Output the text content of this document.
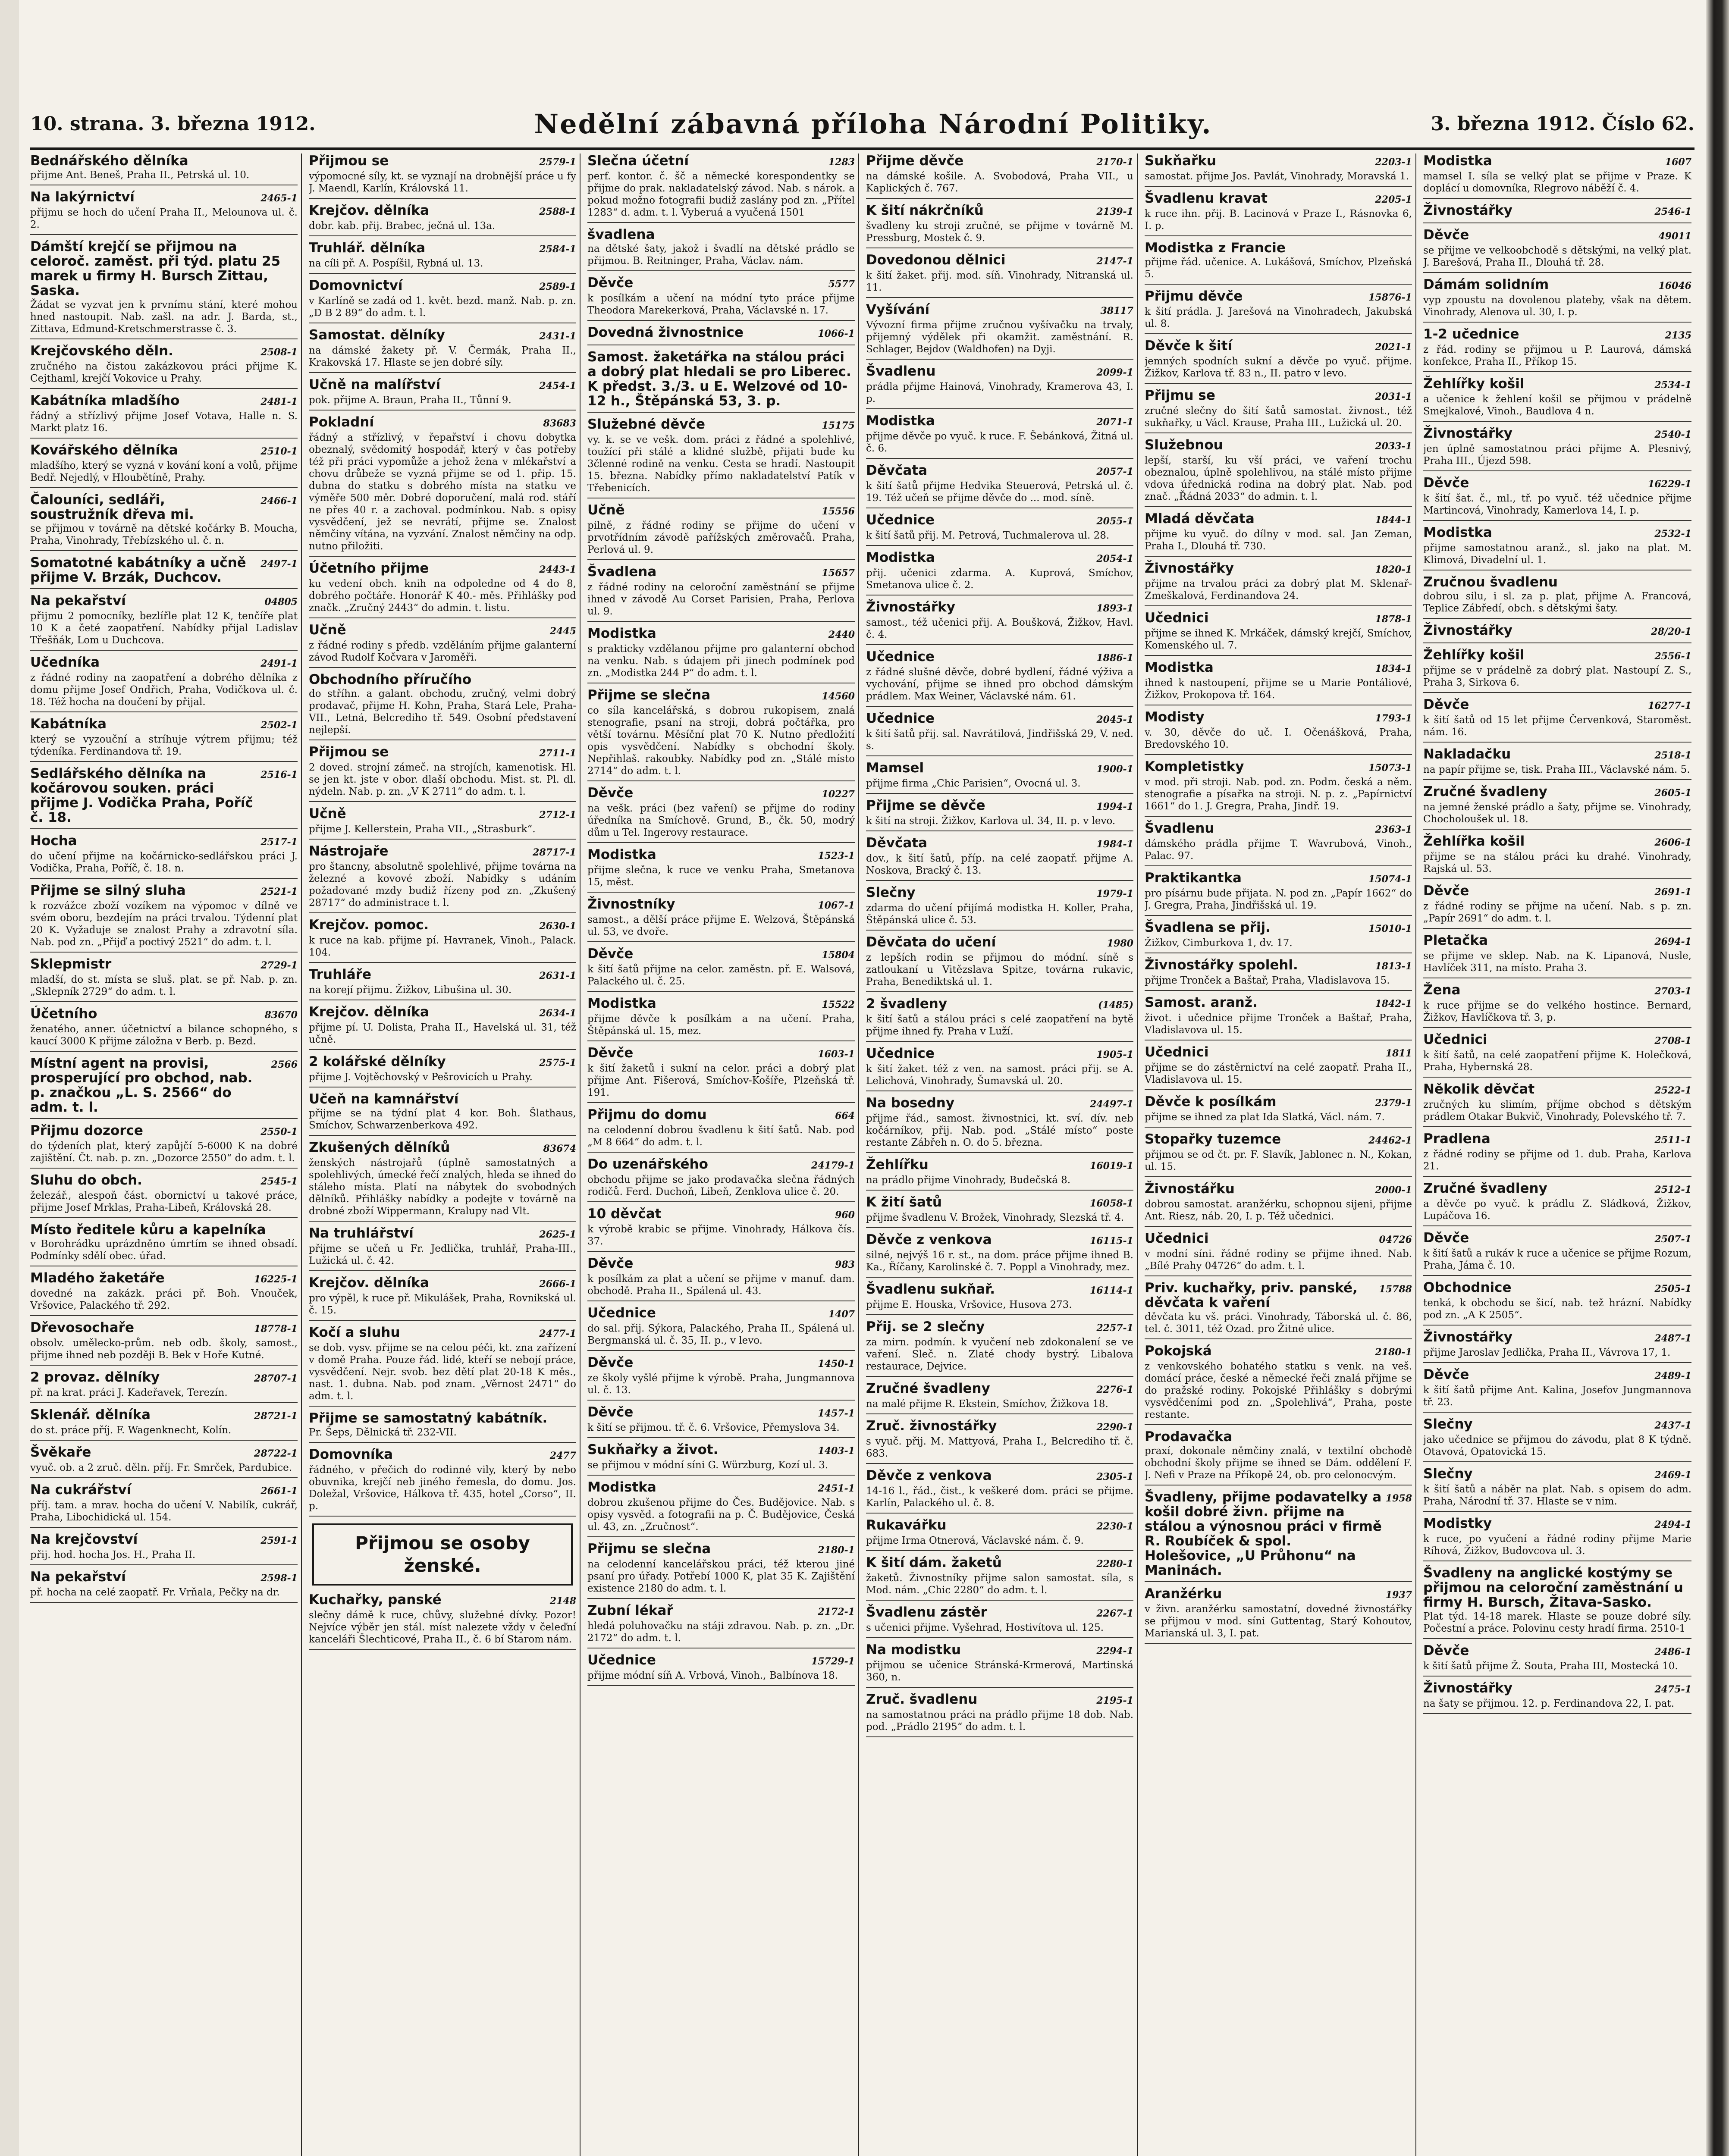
10. strana. 3. března 1912.	Nedělní zábavná příloha Národní Politiky.	3. března 1912. Číslo 62.
Bednářského dělníka
přijme Ant. Beneš, Praha II., Petrská ul. 10.
Na lakýrnictví	2465-1
přijmu se hoch do učení Praha II., Melounova ul. č. 2.
Dámští krejčí se přijmou na celoroč. zaměst. při týd. platu 25 marek u firmy H. Bursch Zittau, Saska.
Žádat se vyzvat jen k prvnímu stání, které mohou hned nastoupit. Nab. zašl. na adr. J. Barda, st., Zittava, Edmund-Kretschmerstrasse č. 3.
Krejčovského děln.	2508-1
zručného na čistou zakázkovou práci přijme K. Cejthaml, krejčí Vokovice u Prahy.
Kabátníka mladšího	2481-1
řádný a střízlivý přijme Josef Votava, Halle n. S. Markt platz 16.
Kovářského dělníka	2510-1
mladšího, který se vyzná v kování koní a volů, přijme Bedř. Nejedlý, v Hloubětíně, Prahy.
Čalouníci, sedláři, soustružník dřeva mi.
2466-1
se přijmou v továrně na dětské kočárky B. Moucha, Praha, Vinohrady, Třebízského ul. č. n.
Somatotné kabátníky a učně přijme V. Brzák, Duchcov.
2497-1
Na pekařství	04805
přijmu 2 pomocníky, bezlířle plat 12 K, tenčíře plat 10 K a četé zaopatření. Nabídky přijal Ladislav Třešňák, Lom u Duchcova.
Učedníka	2491-1
z řádné rodiny na zaopatření a dobrého dělníka z domu přijme Josef Ondřich, Praha, Vodičkova ul. č. 18. Též hocha na doučení by přijal.
Kabátníka	2502-1
který se vyzouční a stríhuje výtrem přijmu; též týdeníka. Ferdinandova tř. 19.
Sedlářského dělníka na kočárovou souken. práci přijme J. Vodička Praha, Poříč č. 18.
2516-1
Hocha	2517-1
do učení přijme na kočárnicko-sedlářskou práci J. Vodička, Praha, Poříč, č. 18. n.
Přijme se silný sluha	2521-1
k rozvážce zboží vozíkem na výpomoc v dílně ve svém oboru, bezdejím na práci trvalou. Týdenní plat 20 K. Vyžaduje se znalost Prahy a zdravotní síla. Nab. pod zn. „Přijď a poctivý 2521“ do adm. t. l.
Sklepmistr	2729-1
mladší, do st. místa se sluš. plat. se př. Nab. p. zn. „Sklepník 2729“ do adm. t. l.
Účetního	83670
ženatého, anner. účetnictví a bilance schopného, s kaucí 3000 K přijme záložna v Berb. p. Bezd.
Místní agent na provisi, prosperující pro obchod, nab. p. značkou „L. S. 2566“ do adm. t. l.
2566
Přijmu dozorce	2550-1
do týdeních plat, který zapůjčí 5-6000 K na dobré zajištění. Čt. nab. p. zn. „Dozorce 2550“ do adm. t. l.
Sluhu do obch.	2545-1
železář., alespoň část. obornictví u takové práce, přijme Josef Mrklas, Praha-Libeň, Královská 28.
Místo ředitele kůru a kapelníka
v Borohrádku uprázdněno úmrtím se ihned obsadí. Podmínky sdělí obec. úřad.
Mladého žaketáře	16225-1
dovedné na zakázk. práci př. Boh. Vnouček, Vršovice, Palackého tř. 292.
Dřevosochaře	18778-1
obsolv. umělecko-prům. neb odb. školy, samost., přijme ihned neb později B. Bek v Hoře Kutné.
2 provaz. dělníky	28707-1
př. na krat. práci J. Kadeřavek, Terezín.
Sklenář. dělníka	28721-1
do st. práce příj. F. Wagenknecht, Kolín.
Švěkaře	28722-1
vyuč. ob. a 2 zruč. děln. příj. Fr. Smrček, Pardubice.
Na cukrářství	2661-1
příj. tam. a mrav. hocha do učení V. Nabilík, cukrář, Praha, Libochidická ul. 154.
Na krejčovství	2591-1
přij. hod. hocha Jos. H., Praha II.
Na pekařství	2598-1
př. hocha na celé zaopatř. Fr. Vrňala, Pečky na dr.
Přijmou se	2579-1
výpomocné síly, kt. se vyznají na drobnější práce u fy J. Maendl, Karlín, Královská 11.
Krejčov. dělníka	2588-1
dobr. kab. přij. Brabec, ječná ul. 13a.
Truhlář. dělníka	2584-1
na cíli př. A. Pospíšil, Rybná ul. 13.
Domovnictví	2589-1
v Karlíně se zadá od 1. květ. bezd. manž. Nab. p. zn. „D B 2 89“ do adm. t. l.
Samostat. dělníky	2431-1
na dámské žakety př. V. Čermák, Praha II., Krakovská 17. Hlaste se jen dobré síly.
Učně na malířství	2454-1
pok. přijme A. Braun, Praha II., Tůnní 9.
Pokladní	83683
řádný a střízlivý, v řepařství i chovu dobytka obeznalý, svědomitý hospodář, který v čas potřeby též při práci vypomůže a jehož žena v mlékařství a chovu drůbeže se vyzná přijme se od 1. přip. 15. dubna do statku s dobrého místa na statku ve výměře 500 měr. Dobré doporučení, malá rod. stáří ne přes 40 r. a zachoval. podmínkou. Nab. s opisy vysvědčení, jež se nevrátí, přijme se. Znalost němčiny vítána, na vyzvání. Znalost němčiny na odp. nutno přiložiti.
Účetního přijme	2443-1
ku vedení obch. knih na odpoledne od 4 do 8, dobrého počtáře. Honorář K 40.- měs. Přihlášky pod značk. „Zručný 2443“ do admin. t. listu.
Učně	2445
z řádné rodiny s předb. vzděláním přijme galanterní závod Rudolf Kočvara v Jaroměři.
Obchodního příručího
do stříhn. a galant. obchodu, zručný, velmi dobrý prodavač, přijme H. Kohn, Praha, Stará Lele, Praha-VII., Letná, Belcrediho tř. 549. Osobní představení nejlepší.
Přijmou se	2711-1
2 doved. strojní zámeč. na strojích, kamenotisk. Hl. se jen kt. jste v obor. dlaší obchodu. Mist. st. Pl. dl. nýdeln. Nab. p. zn. „V K 2711“ do adm. t. l.
Učně	2712-1
přijme J. Kellerstein, Praha VII., „Strasburk“.
Nástrojaře	28717-1
pro štancny, absolutně spolehlivé, přijme továrna na železné a kovové zboží. Nabídky s udáním požadované mzdy budiž řízeny pod zn. „Zkušený 28717“ do administrace t. l.
Krejčov. pomoc.	2630-1
k ruce na kab. přijme pí. Havranek, Vinoh., Palack. 104.
Truhláře	2631-1
na korejí přijmu. Žižkov, Libušina ul. 30.
Krejčov. dělníka	2634-1
přijme pí. U. Dolista, Praha II., Havelská ul. 31, též učně.
2 kolářské dělníky	2575-1
přijme J. Vojtěchovský v Pešrovicích u Prahy.
Učeň na kamnářství
přijme se na týdní plat 4 kor. Boh. Šlathaus, Smíchov, Schwarzenberkova 492.
Zkušených dělníků	83674
ženských nástrojařů (úplně samostatných a spolehlivých, úmecké řečí znalých, hleda se ihned do stáleho místa. Platí na nábytek do svobodných dělníků. Přihlášky nabídky a podejte v továrně na drobné zboží Wippermann, Kralupy nad Vlt.
Na truhlářství	2625-1
přijme se učeň u Fr. Jedlička, truhlář, Praha-III., Lužická ul. č. 42.
Krejčov. dělníka	2666-1
pro výpěl, k ruce př. Mikulášek, Praha, Rovnikská ul. č. 15.
Kočí a sluhu	2477-1
se dob. vysv. přijme se na celou péči, kt. zna zařízení v domě Praha. Pouze řád. lidé, kteří se nebojí práce, vysvědčení. Nejr. svob. bez dětí plat 20-18 K měs., nast. 1. dubna. Nab. pod znam. „Věrnost 2471“ do adm. t. l.
Přijme se samostatný kabátník.
Pr. Šeps, Dělnická tř. 232-VII.
Domovníka	2477
řádného, v přečich do rodinné vily, který by nebo obuvnika, krejčí neb jiného řemesla, do domu. Jos. Doležal, Vršovice, Hálkova tř. 435, hotel „Corso“, II. p.
Přijmou se osoby ženské.
Kuchařky, panské	2148
slečny dámě k ruce, chůvy, služebné dívky. Pozor! Nejvíce výběr jen stál. míst nalezete vždy v čeleďní kanceláři Šlechticové, Praha II., č. 6 bí Starom nám.
Slečna účetní	1283
perf. kontor. č. šč a německé korespondentky se přijme do prak. nakladatelský závod. Nab. s nárok. a pokud možno fotografii budiž zaslány pod zn. „Přítel 1283“ d. adm. t. l. Vyberuá a vyučená 1501
švadlena
na dětské šaty, jakož i švadlí na dětské prádlo se přijmou. B. Reitninger, Praha, Václav. nám.
Děvče	5577
k posílkám a učení na módní tyto práce přijme Theodora Marekerková, Praha, Václavské n. 17.
Dovedná živnostnice	1066-1
Samost. žaketářka na stálou práci a dobrý plat hledali se pro Liberec. K předst. 3./3. u E. Welzové od 10-12 h., Štěpánská 53, 3. p.
Služebné děvče	15175
vy. k. se ve vešk. dom. práci z řádné a spolehlivé, toužící při stálé a klidné službě, přijati bude ku 3členné rodině na venku. Cesta se hradí. Nastoupit 15. března. Nabídky přímo nakladatelství Patík v Třebenicích.
Učně	15556
pilně, z řádné rodiny se přijme do učení v prvotřídním závodě pařížských změrovačů. Praha, Perlová ul. 9.
Švadlena	15657
z řádné rodiny na celoroční zaměstnání se přijme ihned v závodě Au Corset Parisien, Praha, Perlova ul. 9.
Modistka	2440
s prakticky vzdělanou přijme pro galanterní obchod na venku. Nab. s údajem při jinech podmínek pod zn. „Modistka 244 P“ do adm. t. l.
Přijme se slečna	14560
co síla kancelářská, s dobrou rukopisem, znalá stenografie, psaní na stroji, dobrá počtářka, pro větší továrnu. Měsíční plat 70 K. Nutno předložití opis vysvědčení. Nabídky s obchodní školy. Nepřihlaš. rakoubky. Nabídky pod zn. „Stálé místo 2714“ do adm. t. l.
Děvče	10227
na vešk. práci (bez vaření) se přijme do rodiny úředníka na Smíchově. Grund, B., čk. 50, modrý dům u Tel. Ingerovy restaurace.
Modistka	1523-1
přijme slečna, k ruce ve venku Praha, Smetanova 15, měst.
Živnostníky	1067-1
samost., a dělší práce přijme E. Welzová, Štěpánská ul. 53, ve dvoře.
Děvče	15804
k šití šatů přijme na celor. zaměstn. př. E. Walsová, Palackého ul. č. 25.
Modistka	15522
přijme děvče k posílkám a na učení. Praha, Štěpánská ul. 15, mez.
Děvče	1603-1
k šití žaketů i sukní na celor. práci a dobrý plat přijme Ant. Fišerová, Smíchov-Košíře, Plzeňská tř. 191.
Přijmu do domu	664
na celodenní dobrou švadlenu k šití šatů. Nab. pod „M 8 664“ do adm. t. l.
Do uzenářského	24179-1
obchodu přijme se jako prodavačka slečna řádných rodičů. Ferd. Duchoň, Libeň, Zenklova ulice č. 20.
10 děvčat	960
k výrobě krabic se přijme. Vinohrady, Hálkova čís. 37.
Děvče	983
k posílkám za plat a učení se přijme v manuf. dam. obchodě. Praha II., Spálená ul. 43.
Učednice	1407
do sal. přij. Sýkora, Palackého, Praha II., Spálená ul. Bergmanská ul. č. 35, II. p., v levo.
Děvče	1450-1
ze školy vyšlé přijme k výrobě. Praha, Jungmannova ul. č. 13.
Děvče	1457-1
k šití se přijmou. tř. č. 6. Vršovice, Přemyslova 34.
Sukňařky a život.	1403-1
se přijmou v módní síni G. Würzburg, Kozí ul. 3.
Modistka	2451-1
dobrou zkušenou přijme do Čes. Budějovice. Nab. s opisy vysvěd. a fotografii na p. Č. Budějovice, Česká ul. 43, zn. „Zručnost“.
Přijmu se slečna	2180-1
na celodenní kancelářskou práci, též kterou jiné psaní pro úřady. Potřebí 1000 K, plat 35 K. Zajištění existence 2180 do adm. t. l.
Zubní lékař	2172-1
hledá poluhovačku na stáji zdravou. Nab. p. zn. „Dr. 2172“ do adm. t. l.
Učednice	15729-1
přijme módní síň A. Vrbová, Vinoh., Balbínova 18.
Přijme děvče	2170-1
na dámské košile. A. Svobodová, Praha VII., u Kaplických č. 767.
K šití nákrčníků	2139-1
švadleny ku stroji zručné, se přijme v továrně M. Pressburg, Mostek č. 9.
Dovedonou dělnici	2147-1
k šití žaket. přij. mod. síň. Vinohrady, Nitranská ul. 11.
Vyšívání	38117
Vývozní firma přijme zručnou vyšívačku na trvaly, přijemný výdělek při okamžit. zaměstnání. R. Schlager, Bejdov (Waldhofen) na Dyji.
Švadlenu	2099-1
prádla přijme Hainová, Vinohrady, Kramerova 43, I. p.
Modistka	2071-1
přijme děvče po vyuč. k ruce. F. Šebánková, Žitná ul. č. 6.
Děvčata	2057-1
k šití šatů přijme Hedvika Steuerová, Petrská ul. č. 19. Též učeň se přijme děvče do ... mod. síně.
Učednice	2055-1
k šití šatů přij. M. Petrová, Tuchmalerova ul. 28.
Modistka	2054-1
přij. učenici zdarma. A. Kuprová, Smíchov, Smetanova ulice č. 2.
Živnostářky	1893-1
samost., též učenici přij. A. Boušková, Žižkov, Havl. č. 4.
Učednice	1886-1
z řádné slušné děvče, dobré bydlení, řádné výživa a vychování, přijme se ihned pro obchod dámským prádlem. Max Weiner, Václavské nám. 61.
Učednice	2045-1
k šití šatů přij. sal. Navrátilová, Jindřišská 29, V. ned. s.
Mamsel	1900-1
přijme firma „Chic Parisien“, Ovocná ul. 3.
Přijme se děvče	1994-1
k šití na stroji. Žižkov, Karlova ul. 34, II. p. v levo.
Děvčata	1984-1
dov., k šití šatů, příp. na celé zaopatř. přijme A. Noskova, Bracký č. 13.
Slečny	1979-1
zdarma do učení přijímá modistka H. Koller, Praha, Štěpánská ulice č. 53.
Děvčata do učení	1980
z lepších rodin se přijmou do módní. síně s zatloukaní u Vitězslava Spitze, továrna rukavic, Praha, Benediktská ul. 1.
2 švadleny	(1485)
k šití šatů a stálou práci s celé zaopatření na bytě přijme ihned fy. Praha v Luží.
Učednice	1905-1
k šití žaket. též z ven. na samost. práci přij. se A. Lelichová, Vinohrady, Šumavská ul. 20.
Na bosedny	24497-1
přijme řád., samost. živnostnici, kt. sví. dív. neb kočárníkov, přij. Nab. pod. „Stálé místo“ poste restante Zábřeh n. O. do 5. března.
Žehlířku	16019-1
na prádlo přijme Vinohrady, Budečská 8.
K žití šatů	16058-1
přijme švadlenu V. Brožek, Vinohrady, Slezská tř. 4.
Děvče z venkova	16115-1
silné, nejvýš 16 r. st., na dom. práce přijme ihned B. Ka., Říčany, Karolinské č. 7. Poppl a Vinohrady, mez.
Švadlenu sukňař.	16114-1
přijme E. Houska, Vršovice, Husova 273.
Přij. se 2 slečny	2257-1
za mirn. podmín. k vyučení neb zdokonalení se ve vaření. Sleč. n. Zlaté chody bystrý. Libalova restaurace, Dejvice.
Zručné švadleny	2276-1
na malé přijme R. Ekstein, Smíchov, Žižkova 18.
Zruč. živnostářky	2290-1
s vyuč. přij. M. Mattyová, Praha I., Belcrediho tř. č. 683.
Děvče z venkova	2305-1
14-16 l., řád., čist., k veškeré dom. práci se přijme. Karlín, Palackého ul. č. 8.
Rukavářku	2230-1
přijme Irma Otnerová, Václavské nám. č. 9.
K šití dám. žaketů	2280-1
žaketů. Živnostníky přijme salon samostat. síla, s Mod. nám. „Chic 2280“ do adm. t. l.
Švadlenu zástěr	2267-1
s učenici přijme. Vyšehrad, Hostivítova ul. 125.
Na modistku	2294-1
přijmou se učenice Stránská-Krmerová, Martinská 360, n.
Zruč. švadlenu	2195-1
na samostatnou práci na prádlo přijme 18 dob. Nab. pod. „Prádlo 2195“ do adm. t. l.
Sukňařku	2203-1
samostat. přijme Jos. Pavlát, Vinohrady, Moravská 1.
Švadlenu kravat	2205-1
k ruce ihn. přij. B. Lacinová v Praze I., Rásnovka 6, I. p.
Modistka z Francie
přijme řád. učenice. A. Lukášová, Smíchov, Plzeňská 5.
Přijmu děvče	15876-1
k šití prádla. J. Jarešová na Vinohradech, Jakubská ul. 8.
Děvče k šití	2021-1
jemných spodních sukní a děvče po vyuč. přijme. Žižkov, Karlova tř. 83 n., II. patro v levo.
Přijmu se	2031-1
zručné slečny do šití šatů samostat. živnost., též sukňařky, u Václ. Krause, Praha III., Lužická ul. 20.
Služebnou	2033-1
lepší, starší, ku vší práci, ve vaření trochu obeznalou, úplně spolehlivou, na stálé místo přijme vdova úřednická rodina na dobrý plat. Nab. pod znač. „Řádná 2033“ do admin. t. l.
Mladá děvčata	1844-1
přijme ku vyuč. do dílny v mod. sal. Jan Zeman, Praha I., Dlouhá tř. 730.
Živnostářky	1820-1
přijme na trvalou práci za dobrý plat M. Sklenař-Zmeškalová, Ferdinandova 24.
Učednici	1878-1
přijme se ihned K. Mrkáček, dámský krejčí, Smíchov, Komenského ul. 7.
Modistka	1834-1
ihned k nastoupení, přijme se u Marie Pontáliové, Žižkov, Prokopova tř. 164.
Modisty	1793-1
v. 30, děvče do uč. I. Očenášková, Praha, Bredovského 10.
Kompletistky	15073-1
v mod. při stroji. Nab. pod. zn. Podm. česká a něm. stenografie a písařka na stroji. N. p. z. „Papírnictví 1661“ do 1. J. Gregra, Praha, Jindř. 19.
Švadlenu	2363-1
dámského prádla přijme T. Wavrubová, Vinoh., Palac. 97.
Praktikantka	15074-1
pro písárnu bude přijata. N. pod zn. „Papír 1662“ do J. Gregra, Praha, Jindřišská ul. 19.
Švadlena se přij.	15010-1
Žižkov, Cimburkova 1, dv. 17.
Živnostářky spolehl.	1813-1
přijme Tronček a Baštař, Praha, Vladislavova 15.
Samost. aranž.	1842-1
život. i učednice přijme Tronček a Baštař, Praha, Vladislavova ul. 15.
Učednici	1811
přijme se do zástěrnictví na celé zaopatř. Praha II., Vladislavova ul. 15.
Děvče k posílkám	2379-1
přijme se ihned za plat Ida Slatká, Václ. nám. 7.
Stopařky tuzemce	24462-1
přijmou se od čt. pr. F. Slavík, Jablonec n. N., Kokan, ul. 15.
Živnostářku	2000-1
dobrou samostat. aranžérku, schopnou sijeni, přijme Ant. Riesz, náb. 20, I. p. Též učednici.
Učednici	04726
v modní síni. řádné rodiny se přijme ihned. Nab. „Bílé Prahy 04726“ do adm. t. l.
Priv. kuchařky, priv. panské, děvčata k vaření
15788
děvčata ku vš. práci. Vinohrady, Táborská ul. č. 86, tel. č. 3011, též Ozad. pro Žitné ulice.
Pokojská	2180-1
z venkovského bohatého statku s venk. na veš. domácí práce, české a německé řeči znalá přijme se do pražské rodiny. Pokojské Přihlášky s dobrými vysvědčeními pod zn. „Spolehlivá“, Praha, poste restante.
Prodavačka
praxí, dokonale němčiny znalá, v textilní obchodě obchodní školy přijme se ihned se Dám. oddělení F. J. Nefi v Praze na Příkopě 24, ob. pro celonocvým.
Švadleny, přijme podavatelky a košil dobré živn. přijme na stálou a výnosnou práci v firmě R. Roubíček & spol. Holešovice, „U Průhonu“ na Maninách.
1958
Aranžérku	1937
v živn. aranžérku samostatní, dovedné živnostářky se přijmou v mod. síni Guttentag, Starý Kohoutov, Marianská ul. 3, I. pat.
Modistka	1607
mamsel I. síla se velký plat se přijme v Praze. K doplácí u domovníka, Rlegrovo náběží č. 4.
Živnostářky	2546-1
Děvče	49011
se přijme ve velkoobchodě s dětskými, na velký plat. J. Barešová, Praha II., Dlouhá tř. 28.
Dámám solidním	16046
vyp zpoustu na dovolenou plateby, však na dětem. Vinohrady, Alenova ul. 30, I. p.
1-2 učednice	2135
z řád. rodiny se přijmou u P. Laurová, dámská konfekce, Praha II., Příkop 15.
Žehlířky košil	2534-1
a učenice k žehlení košil se přijmou v prádelně Smejkalové, Vinoh., Baudlova 4 n.
Živnostářky	2540-1
jen úplně samostatnou práci přijme A. Plesnivý, Praha III., Újezd 598.
Děvče	16229-1
k šití šat. č., ml., tř. po vyuč. též učednice přijme Martincová, Vinohrady, Kamerlova 14, I. p.
Modistka	2532-1
přijme samostatnou aranž., sl. jako na plat. M. Klimová, Divadelní ul. 1.
Zručnou švadlenu
dobrou silu, i sl. za p. plat, přijme A. Francová, Teplice Zábředí, obch. s dětskými šaty.
Živnostářky	28/20-1
Žehlířky košil	2556-1
přijme se v prádelně za dobrý plat. Nastoupí Z. S., Praha 3, Sirkova 6.
Děvče	16277-1
k šití šatů od 15 let přijme Červenková, Staroměst. nám. 16.
Nakladačku	2518-1
na papír přijme se, tisk. Praha III., Václavské nám. 5.
Zručné švadleny	2605-1
na jemné ženské prádlo a šaty, přijme se. Vinohrady, Chocholoušek ul. 18.
Žehlířka košil	2606-1
přijme se na stálou práci ku drahé. Vinohrady, Rajská ul. 53.
Děvče	2691-1
z řádné rodiny se přijme na učení. Nab. s p. zn. „Papír 2691“ do adm. t. l.
Pletačka	2694-1
se přijme ve sklep. Nab. na K. Lipanová, Nusle, Havlíček 311, na místo. Praha 3.
Žena	2703-1
k ruce přijme se do velkého hostince. Bernard, Žižkov, Havlíčkova tř. 3, p.
Učednici	2708-1
k šití šatů, na celé zaopatření přijme K. Holečková, Praha, Hybernská 28.
Několik děvčat	2522-1
zručných ku slimím, příjme obchod s dětským prádlem Otakar Bukvič, Vinohrady, Polevského tř. 7.
Pradlena	2511-1
z řádné rodiny se přijme od 1. dub. Praha, Karlova 21.
Zručné švadleny	2512-1
a děvče po vyuč. k prádlu Z. Sládková, Žižkov, Lupáčova 16.
Děvče	2507-1
k šití šatů a rukáv k ruce a učenice se přijme Rozum, Praha, Jáma č. 10.
Obchodnice	2505-1
tenká, k obchodu se šicí, nab. tež hrázní. Nabídky pod zn. „A K 2505“.
Živnostářky	2487-1
přijme Jaroslav Jedlička, Praha II., Vávrova 17, 1.
Děvče	2489-1
k šití šatů přijme Ant. Kalina, Josefov Jungmannova tř. 23.
Slečny	2437-1
jako učednice se přijmou do závodu, plat 8 K týdně. Otavová, Opatovická 15.
Slečny	2469-1
k šití šatů a náběr na plat. Nab. s opisem do adm. Praha, Národní tř. 37. Hlaste se v nim.
Modistky	2494-1
k ruce, po vyučení a řádné rodiny přijme Marie Ríhová, Žižkov, Budovcova ul. 3.
Švadleny na anglické kostýmy se přijmou na celoroční zaměstnání u firmy H. Bursch, Žitava-Sasko.
Plat týd. 14-18 marek. Hlaste se pouze dobré síly. Počestní a práce. Polovinu cesty hradí firma. 2510-1
Děvče	2486-1
k šití šatů přijme Ž. Souta, Praha III, Mostecká 10.
Živnostářky	2475-1
na šaty se přijmou. 12. p. Ferdinandova 22, I. pat.
